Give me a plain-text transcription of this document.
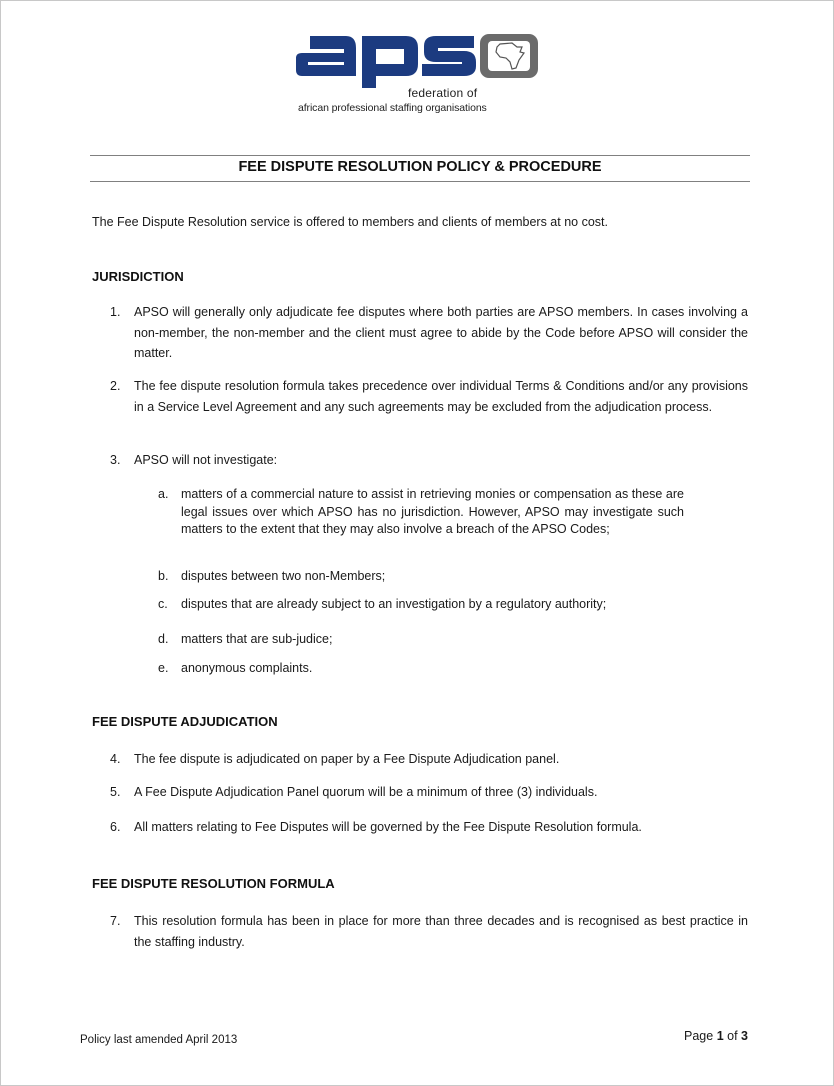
federation of
african professional staffing organisations
FEE DISPUTE RESOLUTION POLICY & PROCEDURE
The Fee Dispute Resolution service is offered to members and clients of members at no cost.
JURISDICTION
1. APSO will generally only adjudicate fee disputes where both parties are APSO members. In cases involving a non-member, the non-member and the client must agree to abide by the Code before APSO will consider the matter.
2. The fee dispute resolution formula takes precedence over individual Terms & Conditions and/or any provisions in a Service Level Agreement and any such agreements may be excluded from the adjudication process.
3. APSO will not investigate:
a. matters of a commercial nature to assist in retrieving monies or compensation as these are legal issues over which APSO has no jurisdiction. However, APSO may investigate such matters to the extent that they may also involve a breach of the APSO Codes;
b. disputes between two non-Members;
c. disputes that are already subject to an investigation by a regulatory authority;
d. matters that are sub-judice;
e. anonymous complaints.
FEE DISPUTE ADJUDICATION
4. The fee dispute is adjudicated on paper by a Fee Dispute Adjudication panel.
5. A Fee Dispute Adjudication Panel quorum will be a minimum of three (3) individuals.
6. All matters relating to Fee Disputes will be governed by the Fee Dispute Resolution formula.
FEE DISPUTE RESOLUTION FORMULA
7. This resolution formula has been in place for more than three decades and is recognised as best practice in the staffing industry.
Policy last amended April 2013	Page 1 of 3
